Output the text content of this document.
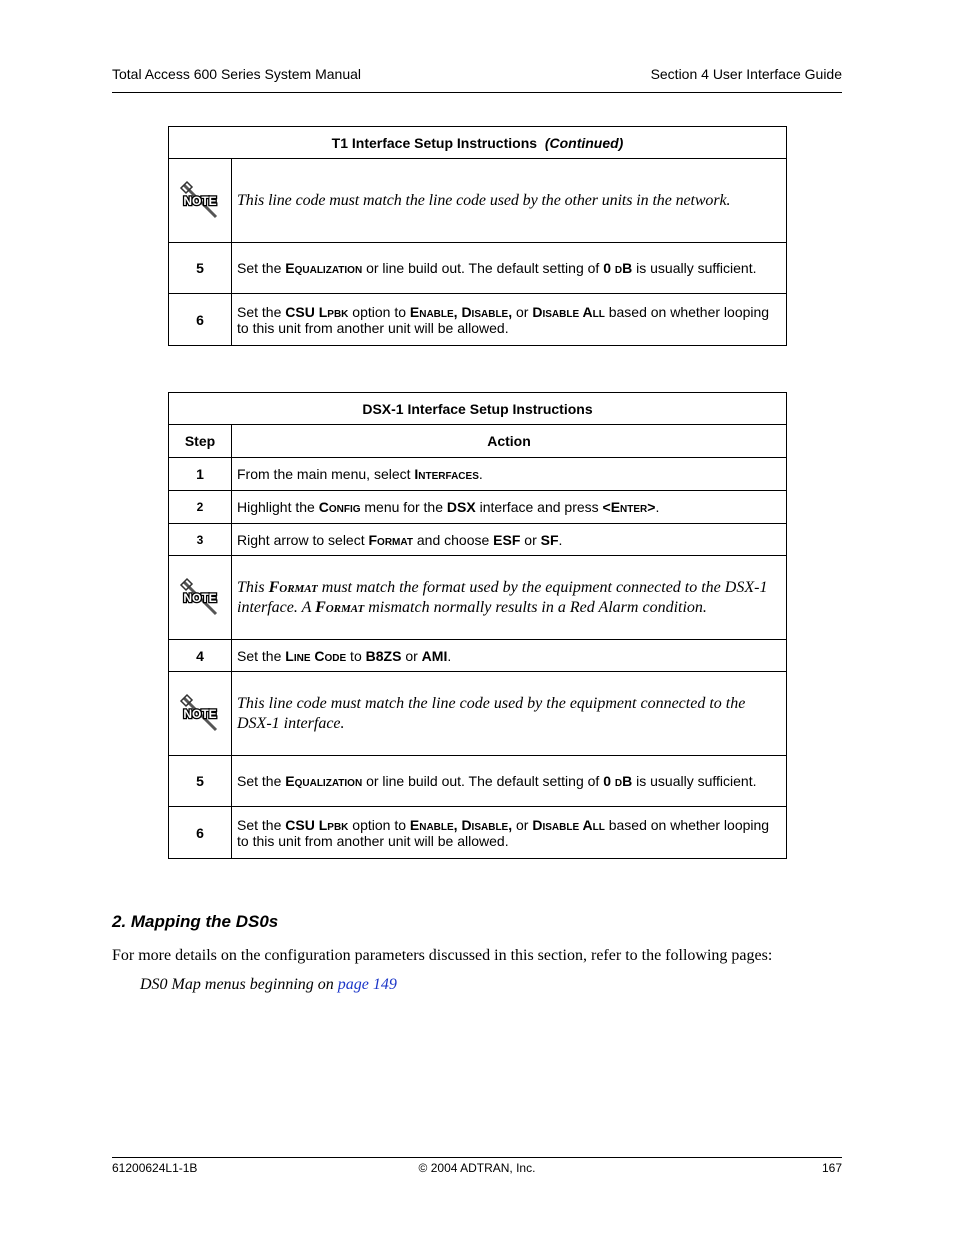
Total Access 600 Series System Manual	Section 4 User Interface Guide
T1 Interface Setup Instructions (Continued)	

	This line code must match the line code used by the other units in the network.
5	Set the Equalization or line build out. The default setting of 0 dB is usually sufficient.
6	Set the CSU Lpbk option to Enable, Disable, or Disable All based on whether looping to this unit from another unit will be allowed.
DSX-1 Interface Setup Instructions	
Step	Action
1	From the main menu, select Interfaces.
2	Highlight the Config menu for the DSX interface and press <Enter>.
3	Right arrow to select Format and choose ESF or SF.

	This Format must match the format used by the equipment connected to the DSX-1 interface. A Format mismatch normally results in a Red Alarm condition.
4	Set the Line Code to B8ZS or AMI.

	This line code must match the line code used by the equipment connected to the DSX-1 interface.
5	Set the Equalization or line build out. The default setting of 0 dB is usually sufficient.
6	Set the CSU Lpbk option to Enable, Disable, or Disable All based on whether looping to this unit from another unit will be allowed.
2. Mapping the DS0s
For more details on the configuration parameters discussed in this section, refer to the following pages:
DS0 Map menus beginning on page 149
61200624L1-1B	© 2004 ADTRAN, Inc.	167
